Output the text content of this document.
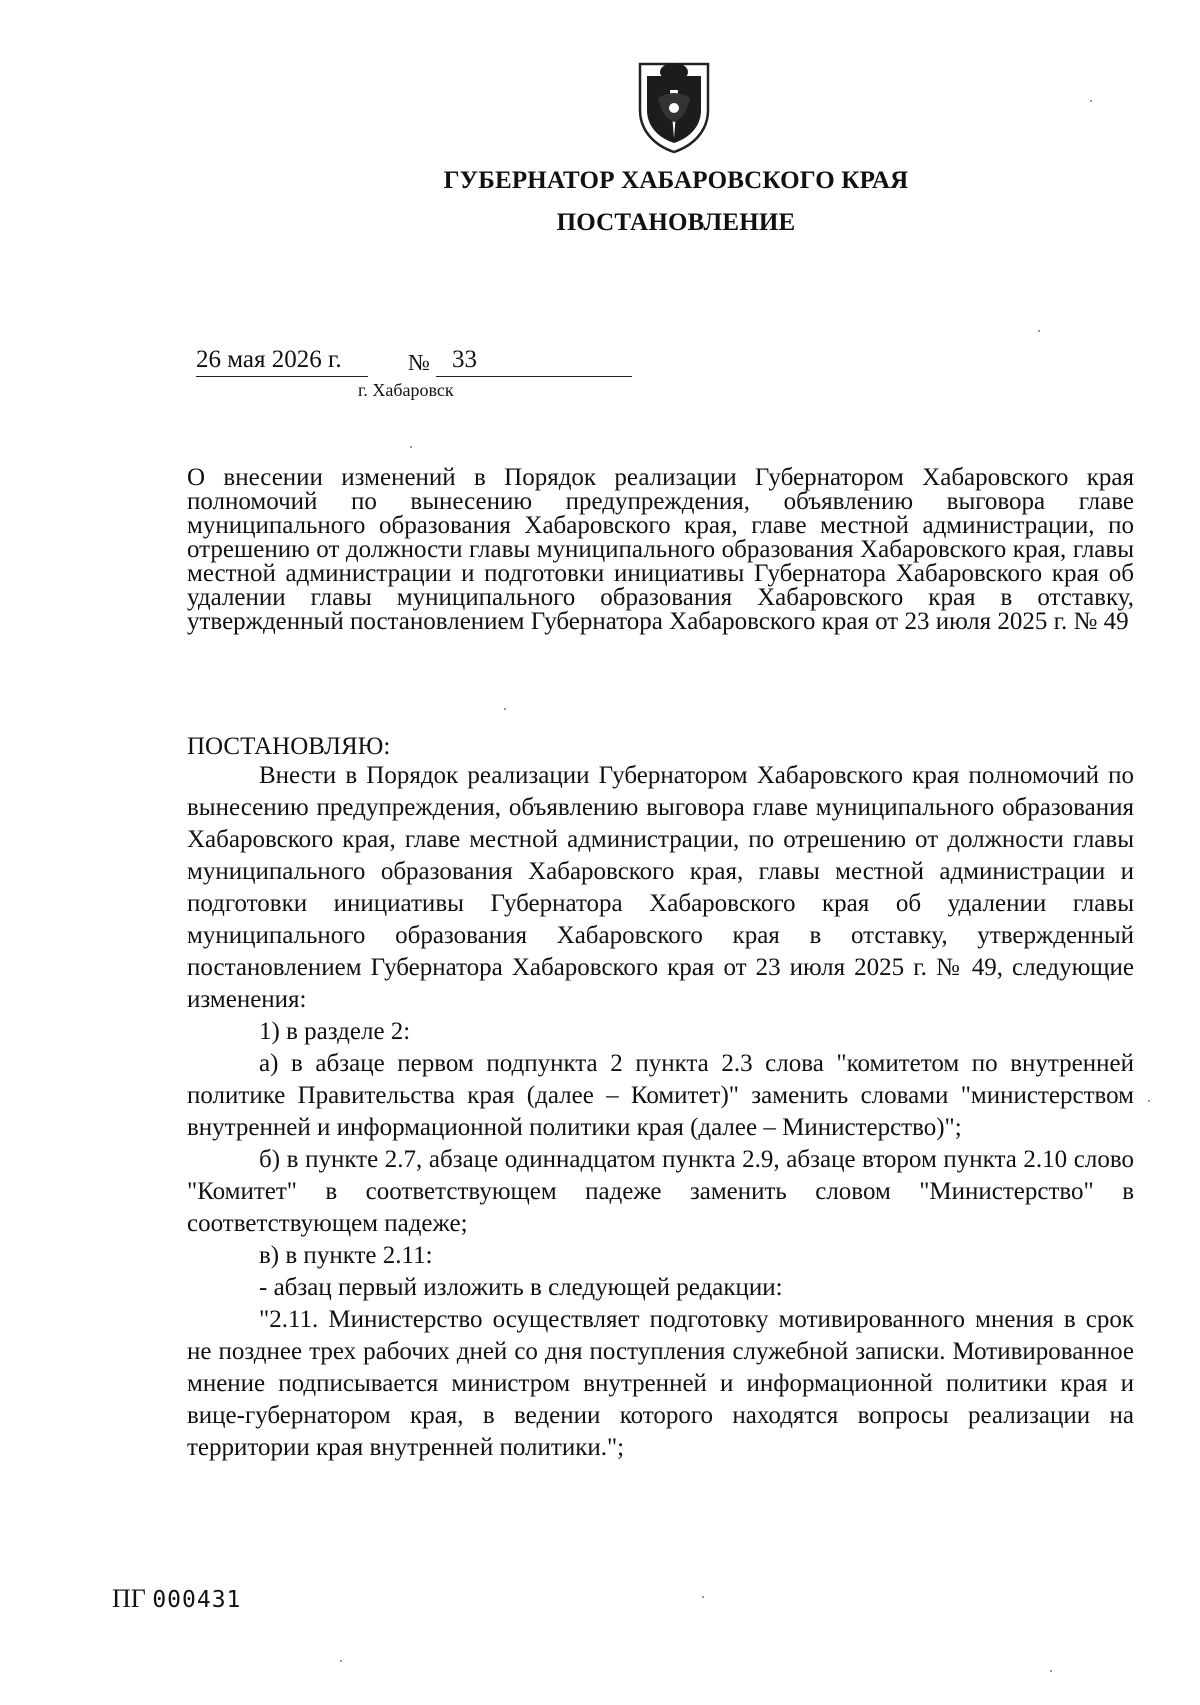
ГУБЕРНАТОР ХАБАРОВСКОГО КРАЯ
ПОСТАНОВЛЕНИЕ
26 мая 2026 г.	№ 33
г. Хабаровск
О внесении изменений в Порядок реализации Губернатором Хабаровского края полномочий по вынесению предупреждения, объявлению выговора главе муниципального образования Хабаровского края, главе местной администрации, по отрешению от должности главы муниципального образования Хабаровского края, главы местной администрации и подготовки инициативы Губернатора Хабаровского края об удалении главы муниципального образования Хабаровского края в отставку, утвержденный постановлением Губернатора Хабаровского края от 23 июля 2025 г. № 49
ПОСТАНОВЛЯЮ:

Внести в Порядок реализации Губернатором Хабаровского края полномочий по вынесению предупреждения, объявлению выговора главе муниципального образования Хабаровского края, главе местной администрации, по отрешению от должности главы муниципального образования Хабаровского края, главы местной администрации и подготовки инициативы Губернатора Хабаровского края об удалении главы муниципального образования Хабаровского края в отставку, утвержденный постановлением Губернатора Хабаровского края от 23 июля 2025 г. № 49, следующие изменения:

1) в разделе 2:

а) в абзаце первом подпункта 2 пункта 2.3 слова "комитетом по внутренней политике Правительства края (далее – Комитет)" заменить словами "министерством внутренней и информационной политики края (далее – Министерство)";

б) в пункте 2.7, абзаце одиннадцатом пункта 2.9, абзаце втором пункта 2.10 слово "Комитет" в соответствующем падеже заменить словом "Министерство" в соответствующем падеже;

в) в пункте 2.11:

- абзац первый изложить в следующей редакции:

"2.11. Министерство осуществляет подготовку мотивированного мнения в срок не позднее трех рабочих дней со дня поступления служебной записки. Мотивированное мнение подписывается министром внутренней и информационной политики края и вице-губернатором края, в ведении которого находятся вопросы реализации на территории края внутренней политики.";

ПГ 000431
